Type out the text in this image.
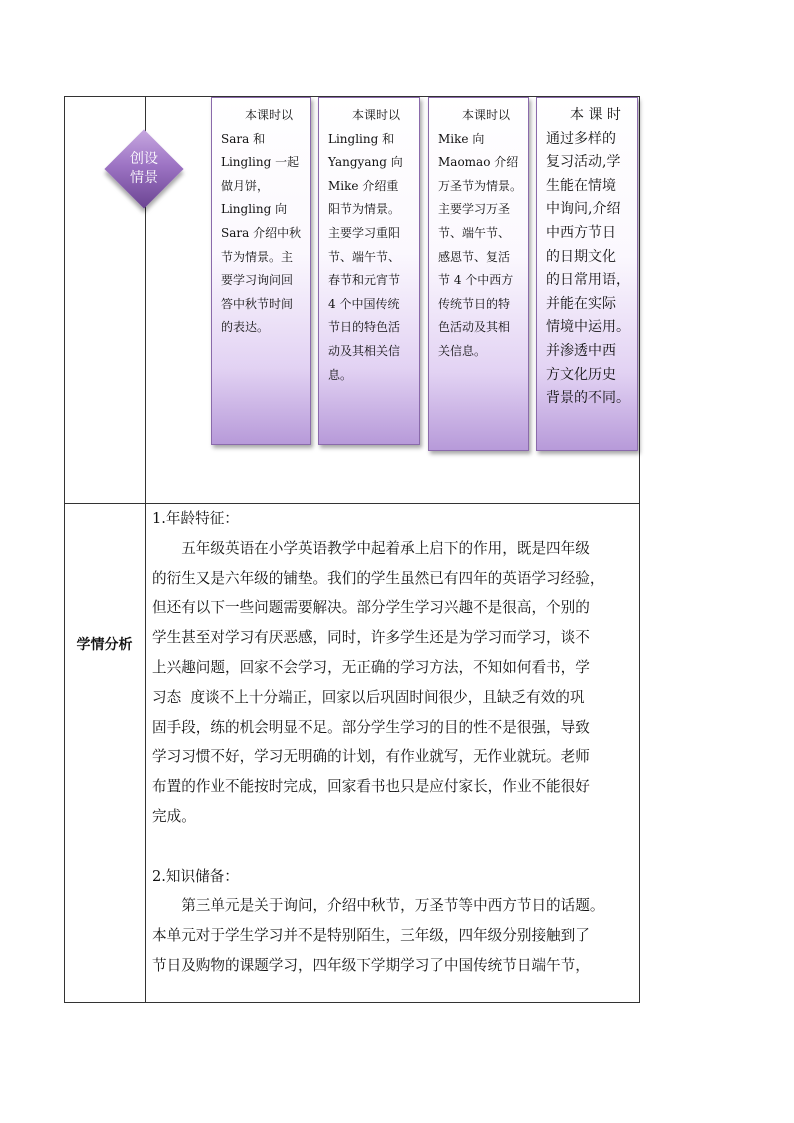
创设
情景
本课时以
Sara 和
Lingling 一起
做月饼，
Lingling 向
Sara 介绍中秋
节为情景。主
要学习询问回
答中秋节时间
的表达。
本课时以
Lingling 和
Yangyang 向
Mike 介绍重
阳节为情景。
主要学习重阳
节、端午节、
春节和元宵节
4 个中国传统
节日的特色活
动及其相关信
息。
本课时以
Mike 向
Maomao 介绍
万圣节为情景。
主要学习万圣
节、端午节、
感恩节、复活
节 4 个中西方
传统节日的特
色活动及其相
关信息。
本 课 时
通过多样的
复习活动,学
生能在情境
中询问,介绍
中西方节日
的日期文化
的日常用语，
并能在实际
情境中运用。
并渗透中西
方文化历史
背景的不同。
学情分析

1.年龄特征：

五年级英语在小学英语教学中起着承上启下的作用，既是四年级

的衍生又是六年级的铺垫。我们的学生虽然已有四年的英语学习经验，

但还有以下一些问题需要解决。部分学生学习兴趣不是很高，个别的

学生甚至对学习有厌恶感，同时，许多学生还是为学习而学习，谈不

上兴趣问题，回家不会学习，无正确的学习方法，不知如何看书，学

习态  度谈不上十分端正，回家以后巩固时间很少，且缺乏有效的巩

固手段，练的机会明显不足。部分学生学习的目的性不是很强，导致

学习习惯不好，学习无明确的计划，有作业就写，无作业就玩。老师

布置的作业不能按时完成，回家看书也只是应付家长，作业不能很好

完成。

2.知识储备：

第三单元是关于询问，介绍中秋节，万圣节等中西方节日的话题。

本单元对于学生学习并不是特别陌生，三年级，四年级分别接触到了

节日及购物的课题学习，四年级下学期学习了中国传统节日端午节，
